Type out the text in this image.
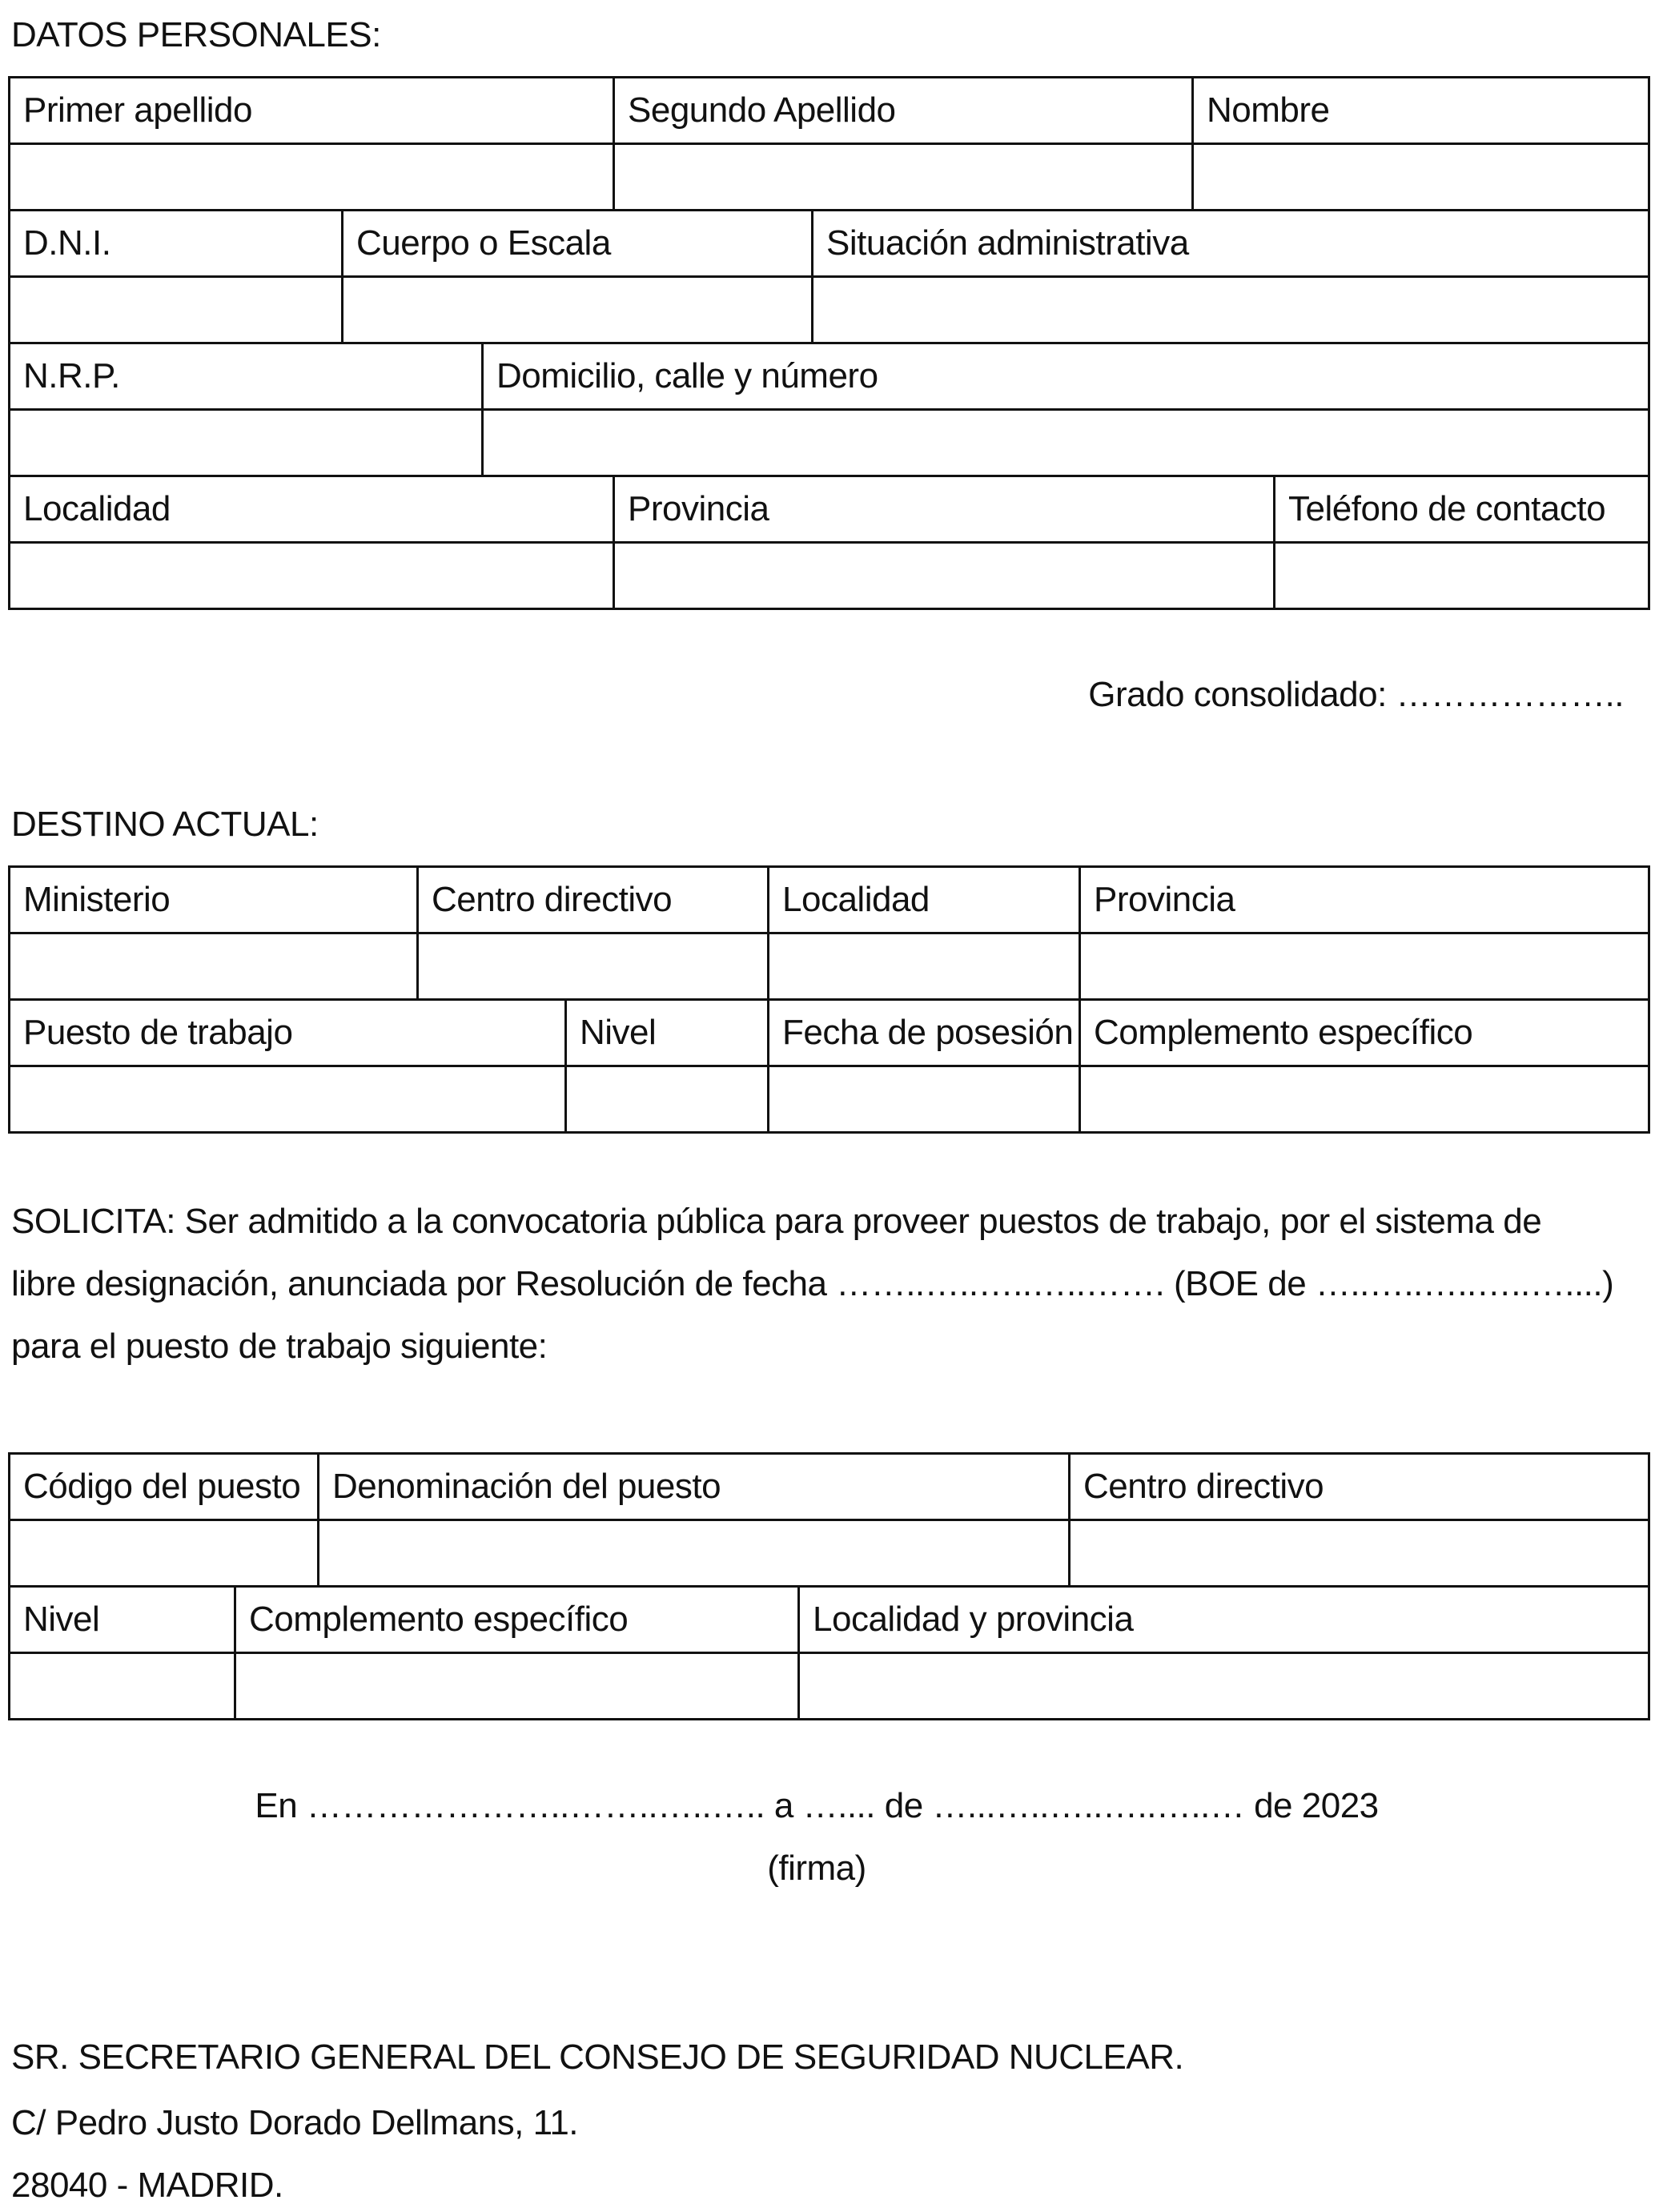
DATOS PERSONALES:
Primer apellido			Segundo Apellido		Nombre	

D.N.I.	Cuerpo o Escala			Situación administrativa		

N.R.P.		Domicilio, calle y número				

Localidad			Provincia			Teléfono de contacto

Grado consolidado: ………………..
DESTINO ACTUAL:
Ministerio	Centro directivo		Localidad	Provincia

Puesto de trabajo		Nivel	Fecha de posesión	Complemento específico

SOLICITA: Ser admitido a la convocatoria pública para proveer puestos de trabajo, por el sistema de
libre designación, anunciada por Resolución de fecha ……..…..…..…..……. (BOE de …..…..…..…..…....)
para el puesto de trabajo siguiente:
Código del puesto		Denominación del puesto		Centro directivo

Nivel	Complemento específico		Localidad y provincia	

En …………………..……..…..….. a ….... de …...…..…..…..…..… de 2023
(firma)
SR. SECRETARIO GENERAL DEL CONSEJO DE SEGURIDAD NUCLEAR.
C/ Pedro Justo Dorado Dellmans, 11.
28040 - MADRID.
